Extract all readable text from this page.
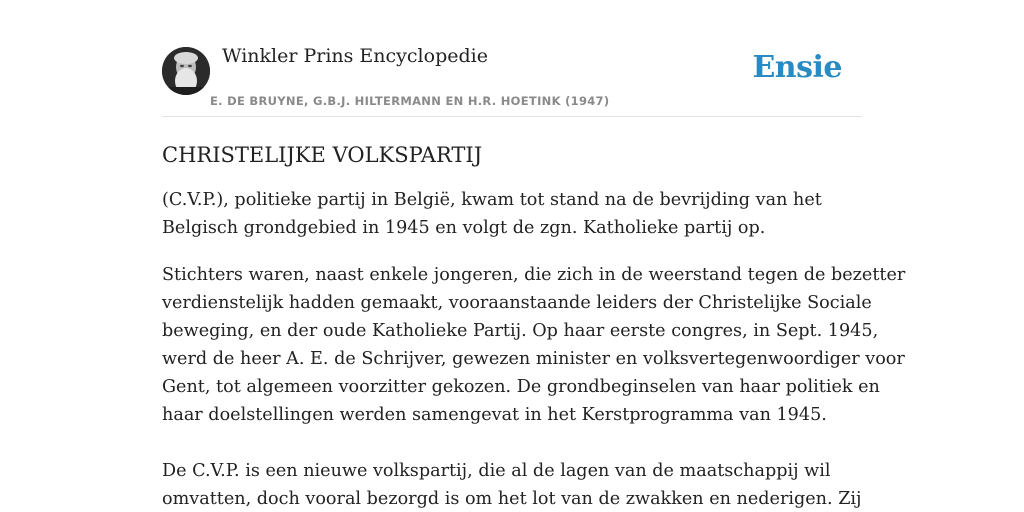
Winkler Prins Encyclopedie
E. DE BRUYNE, G.B.J. HILTERMANN EN H.R. HOETINK (1947)
Ensie
CHRISTELIJKE VOLKSPARTIJ

(C.V.P.), politieke partij in België, kwam tot stand na de bevrijding van het
Belgisch grondgebied in 1945 en volgt de zgn. Katholieke partij op.

Stichters waren, naast enkele jongeren, die zich in de weerstand tegen de bezetter
verdienstelijk hadden gemaakt, vooraanstaande leiders der Christelijke Sociale
beweging, en der oude Katholieke Partij. Op haar eerste congres, in Sept. 1945,
werd de heer A. E. de Schrijver, gewezen minister en volksvertegenwoordiger voor
Gent, tot algemeen voorzitter gekozen. De grondbeginselen van haar politiek en
haar doelstellingen werden samengevat in het Kerstprogramma van 1945.

De C.V.P. is een nieuwe volkspartij, die al de lagen van de maatschappij wil
omvatten, doch vooral bezorgd is om het lot van de zwakken en nederigen. Zij
